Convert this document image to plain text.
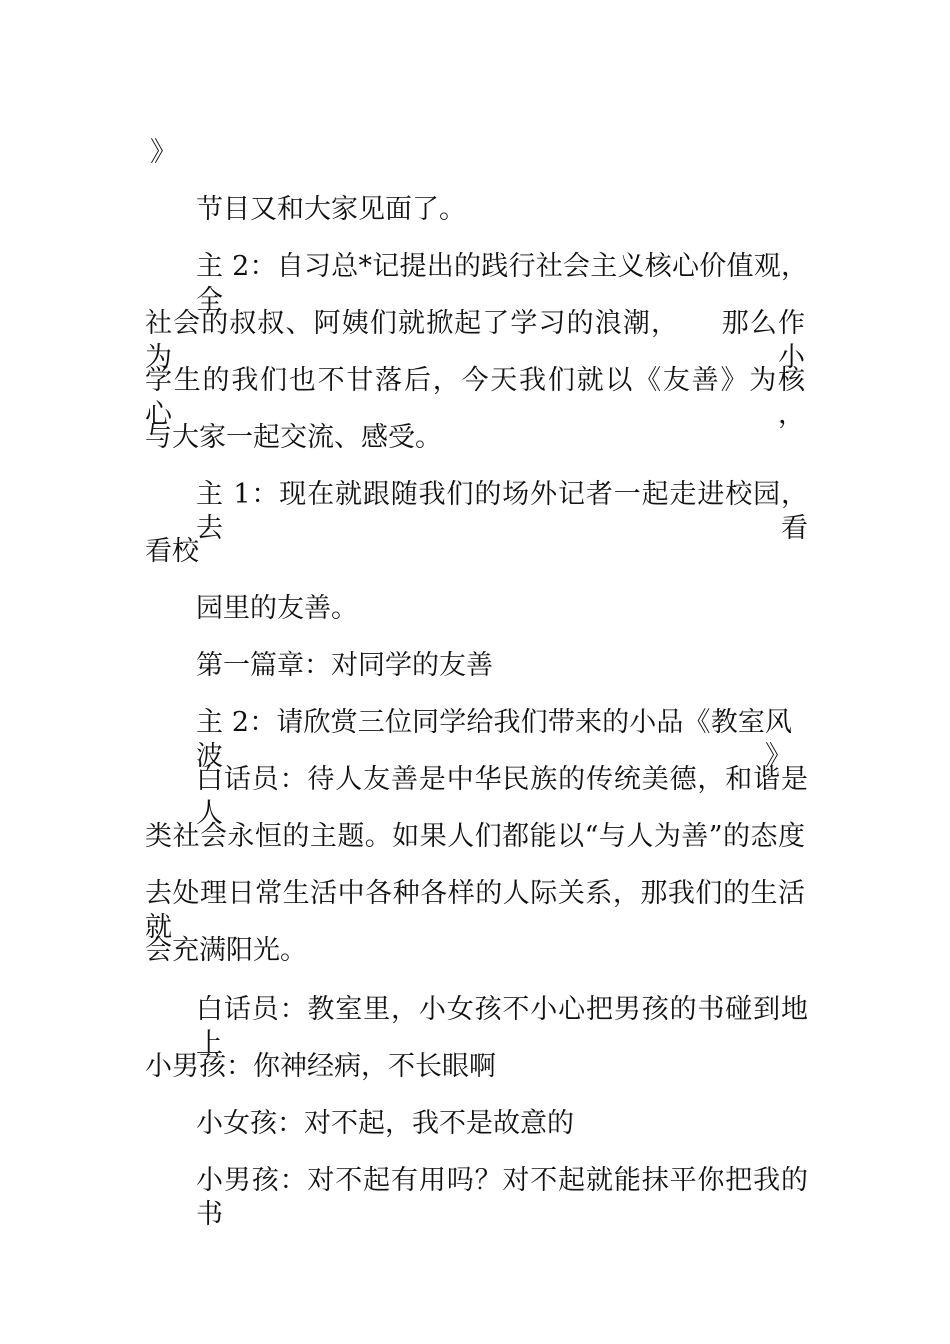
》

节目又和大家见面了。

主 2：自习总*记提出的践行社会主义核心价值观，全

社会的叔叔、阿姨们就掀起了学习的浪潮，　　那么作为小

学生的我们也不甘落后，今天我们就以《友善》为核心，

与大家一起交流、感受。

主 1：现在就跟随我们的场外记者一起走进校园，去看

看校

园里的友善。

第一篇章：对同学的友善

主 2：请欣赏三位同学给我们带来的小品《教室风波》

白话员：待人友善是中华民族的传统美德，和谐是人

类社会永恒的主题。如果人们都能以“与人为善”的态度

去处理日常生活中各种各样的人际关系，那我们的生活就

会充满阳光。

白话员：教室里，小女孩不小心把男孩的书碰到地上

小男孩：你神经病，不长眼啊

小女孩：对不起，我不是故意的

小男孩：对不起有用吗？对不起就能抹平你把我的书
